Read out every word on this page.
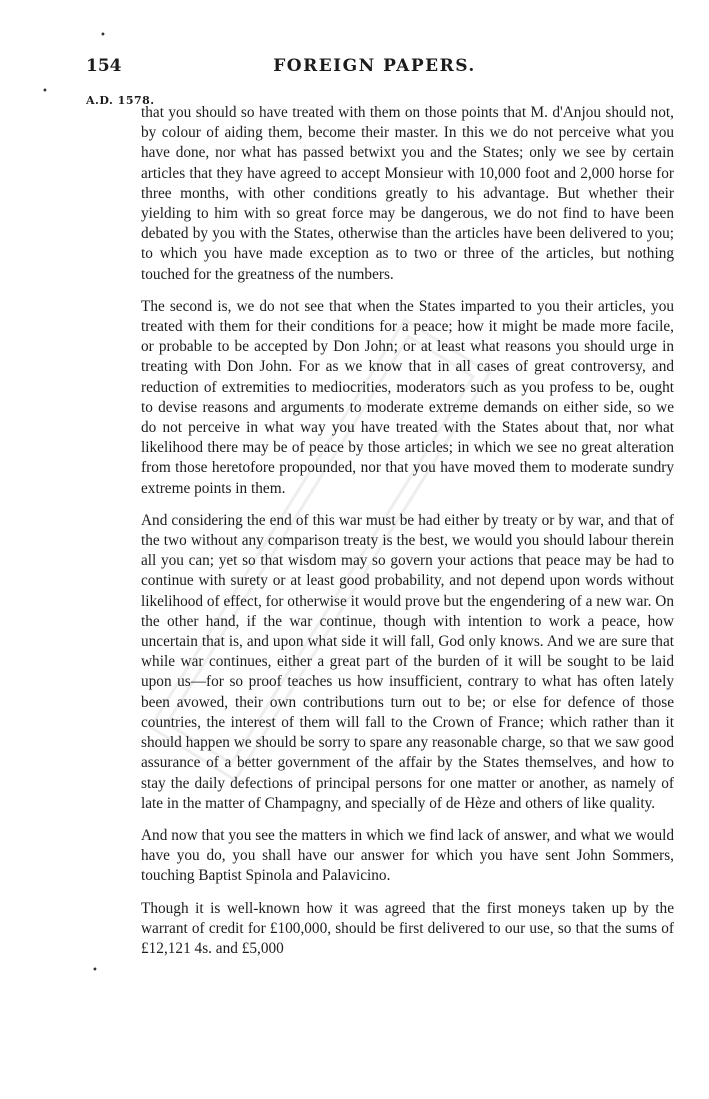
•
•
•
154	FOREIGN PAPERS.
A.D. 1578.

that you should so have treated with them on those points that M. d'Anjou should not, by colour of aiding them, become their master. In this we do not perceive what you have done, nor what has passed betwixt you and the States; only we see by certain articles that they have agreed to accept Monsieur with 10,000 foot and 2,000 horse for three months, with other conditions greatly to his advantage. But whether their yielding to him with so great force may be dangerous, we do not find to have been debated by you with the States, otherwise than the articles have been delivered to you; to which you have made exception as to two or three of the articles, but nothing touched for the greatness of the numbers.

The second is, we do not see that when the States imparted to you their articles, you treated with them for their conditions for a peace; how it might be made more facile, or probable to be accepted by Don John; or at least what reasons you should urge in treating with Don John. For as we know that in all cases of great controversy, and reduction of extremities to mediocrities, moderators such as you profess to be, ought to devise reasons and arguments to moderate extreme demands on either side, so we do not perceive in what way you have treated with the States about that, nor what likelihood there may be of peace by those articles; in which we see no great alteration from those heretofore propounded, nor that you have moved them to moderate sundry extreme points in them.

And considering the end of this war must be had either by treaty or by war, and that of the two without any comparison treaty is the best, we would you should labour therein all you can; yet so that wisdom may so govern your actions that peace may be had to continue with surety or at least good probability, and not depend upon words without likelihood of effect, for otherwise it would prove but the engendering of a new war. On the other hand, if the war continue, though with intention to work a peace, how uncertain that is, and upon what side it will fall, God only knows. And we are sure that while war continues, either a great part of the burden of it will be sought to be laid upon us—for so proof teaches us how insufficient, contrary to what has often lately been avowed, their own contributions turn out to be; or else for defence of those countries, the interest of them will fall to the Crown of France; which rather than it should happen we should be sorry to spare any reasonable charge, so that we saw good assurance of a better government of the affair by the States themselves, and how to stay the daily defections of principal persons for one matter or another, as namely of late in the matter of Champagny, and specially of de Hèze and others of like quality.

And now that you see the matters in which we find lack of answer, and what we would have you do, you shall have our answer for which you have sent John Sommers, touching Baptist Spinola and Palavicino.

Though it is well-known how it was agreed that the first moneys taken up by the warrant of credit for £100,000, should be first delivered to our use, so that the sums of £12,121 4s. and £5,000
